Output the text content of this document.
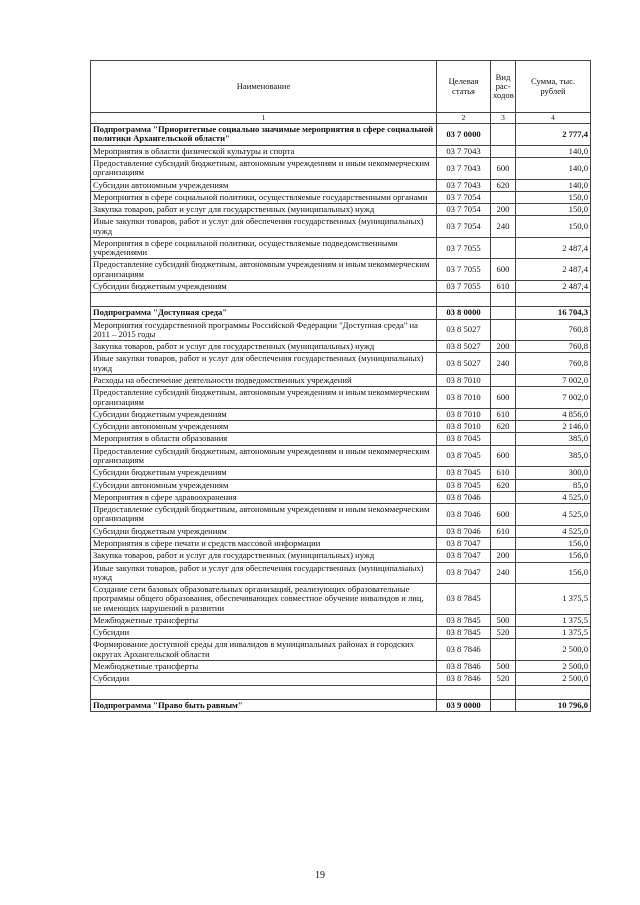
Наименование	Целевая статья	Вид рас-ходов	Сумма, тыс. рублей
1	2	3	4
Подпрограмма "Приоритетные социально значимые мероприятия в сфере социальной политики Архангельской области"	03 7 0000		2 777,4
Мероприятия в области физической культуры и спорта	03 7 7043		140,0
Предоставление субсидий бюджетным, автономным учреждениям и иным некоммерческим организациям	03 7 7043	600	140,0
Субсидии автономным учреждениям	03 7 7043	620	140,0
Мероприятия в сфере социальной политики, осуществляемые государственными органами	03 7 7054		150,0
Закупка товаров, работ и услуг для государственных (муниципальных) нужд	03 7 7054	200	150,0
Иные закупки товаров, работ и услуг для обеспечения государственных (муниципальных) нужд	03 7 7054	240	150,0
Мероприятия в сфере социальной политики, осуществляемые подведомственными учреждениями	03 7 7055		2 487,4
Предоставление субсидий бюджетным, автономным учреждениям и иным некоммерческим организациям	03 7 7055	600	2 487,4
Субсидии бюджетным учреждениям	03 7 7055	610	2 487,4

Подпрограмма "Доступная среда"	03 8 0000		16 704,3
Мероприятия государственной программы Российской Федерации "Доступная среда" на 2011 – 2015 годы	03 8 5027		760,8
Закупка товаров, работ и услуг для государственных (муниципальных) нужд	03 8 5027	200	760,8
Иные закупки товаров, работ и услуг для обеспечения государственных (муниципальных) нужд	03 8 5027	240	760,8
Расходы на обеспечение деятельности подведомственных учреждений	03 8 7010		7 002,0
Предоставление субсидий бюджетным, автономным учреждениям и иным некоммерческим организациям	03 8 7010	600	7 002,0
Субсидии бюджетным учреждениям	03 8 7010	610	4 856,0
Субсидии автономным учреждениям	03 8 7010	620	2 146,0
Мероприятия в области образования	03 8 7045		385,0
Предоставление субсидий бюджетным, автономным учреждениям и иным некоммерческим организациям	03 8 7045	600	385,0
Субсидии бюджетным учреждениям	03 8 7045	610	300,0
Субсидии автономным учреждениям	03 8 7045	620	85,0
Мероприятия в сфере здравоохранения	03 8 7046		4 525,0
Предоставление субсидий бюджетным, автономным учреждениям и иным некоммерческим организациям	03 8 7046	600	4 525,0
Субсидии бюджетным учреждениям	03 8 7046	610	4 525,0
Мероприятия в сфере печати и средств массовой информации	03 8 7047		156,0
Закупка товаров, работ и услуг для государственных (муниципальных) нужд	03 8 7047	200	156,0
Иные закупки товаров, работ и услуг для обеспечения государственных (муниципальных) нужд	03 8 7047	240	156,0
Создание сети базовых образовательных организаций, реализующих образовательные программы общего образования, обеспечивающих совместное обучение инвалидов и лиц, не имеющих нарушений в развитии	03 8 7845		1 375,5
Межбюджетные трансферты	03 8 7845	500	1 375,5
Субсидии	03 8 7845	520	1 375,5
Формирование доступной среды для инвалидов в муниципальных районах и городских округах Архангельской области	03 8 7846		2 500,0
Межбюджетные трансферты	03 8 7846	500	2 500,0
Субсидии	03 8 7846	520	2 500,0

Подпрограмма "Право быть равным"	03 9 0000		10 796,0
19
